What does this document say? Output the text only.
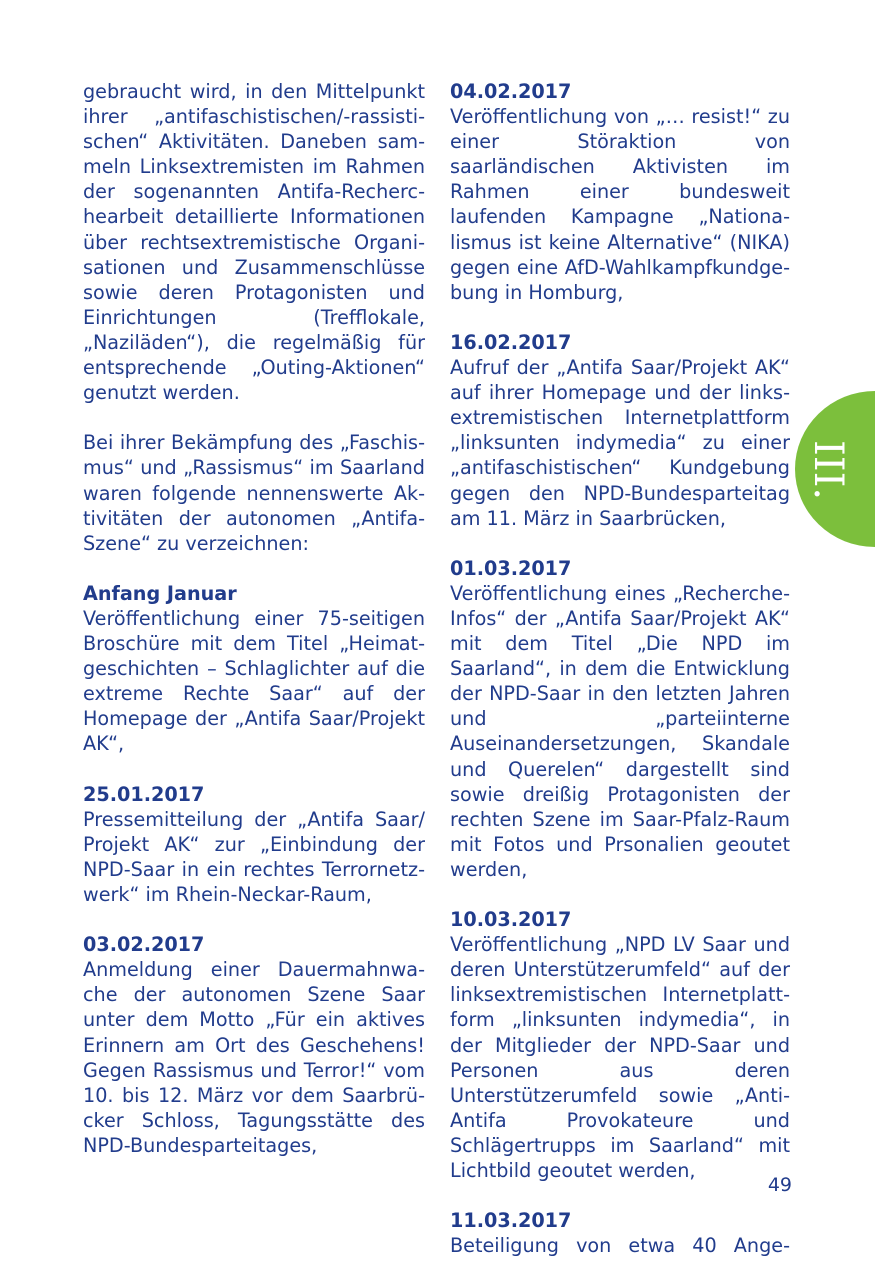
gebraucht wird, in den Mittelpunkt ihrer „antifaschistischen/-rassistischen“ Aktivitäten. Daneben sammeln Linksextremisten im Rahmen der sogenannten Antifa-Recherchearbeit detaillierte Informationen über rechtsextremistische Organisationen und Zusammenschlüsse sowie deren Protagonisten und Einrichtungen (Trefflokale, „Naziläden“), die regelmäßig für entsprechende „Outing-Aktionen“ genutzt werden.

Bei ihrer Bekämpfung des „Faschismus“ und „Rassismus“ im Saarland waren folgende nennenswerte Aktivitäten der autonomen „Antifa-Szene“ zu verzeichnen:

Anfang Januar

Veröffentlichung einer 75-seitigen Broschüre mit dem Titel „Heimatgeschichten – Schlaglichter auf die extreme Rechte Saar“ auf der Homepage der „Antifa Saar/Projekt AK“,

25.01.2017

Pressemitteilung der „Antifa Saar/ Projekt AK“ zur „Einbindung der NPD-Saar in ein rechtes Terrornetzwerk“ im Rhein-Neckar-Raum,

03.02.2017

Anmeldung einer Dauermahnwache der autonomen Szene Saar unter dem Motto „Für ein aktives Erinnern am Ort des Geschehens! Gegen Rassismus und Terror!“ vom 10. bis 12. März vor dem Saarbrücker Schloss, Tagungsstätte des NPD-Bundesparteitages,

04.02.2017

Veröffentlichung von „… resist!“ zu einer Störaktion von saarländischen Aktivisten im Rahmen einer bundesweit laufenden Kampagne „Nationalismus ist keine Alternative“ (NIKA) gegen eine AfD-Wahlkampfkundgebung in Homburg,

16.02.2017

Aufruf der „Antifa Saar/Projekt AK“ auf ihrer Homepage und der linksextremistischen Internetplattform „linksunten indymedia“ zu einer „antifaschistischen“ Kundgebung gegen den NPD-Bundesparteitag am 11. März in Saarbrücken,

01.03.2017

Veröffentlichung eines „Recherche-Infos“ der „Antifa Saar/Projekt AK“ mit dem Titel „Die NPD im Saarland“, in dem die Entwicklung der NPD-Saar in den letzten Jahren und „parteiinterne Auseinandersetzungen, Skandale und Querelen“ dargestellt sind sowie dreißig Protagonisten der rechten Szene im Saar-Pfalz-Raum mit Fotos und Prsonalien geoutet werden,

10.03.2017

Veröffentlichung „NPD LV Saar und deren Unterstützerumfeld“ auf der linksextremistischen Internetplattform „linksunten indymedia“, in der Mitglieder der NPD-Saar und Personen aus deren Unterstützerumfeld sowie „Anti-Antifa Provokateure und Schlägertrupps im Saarland“ mit Lichtbild geoutet werden,

11.03.2017

Beteiligung von etwa 40 Ange-

III.
49
